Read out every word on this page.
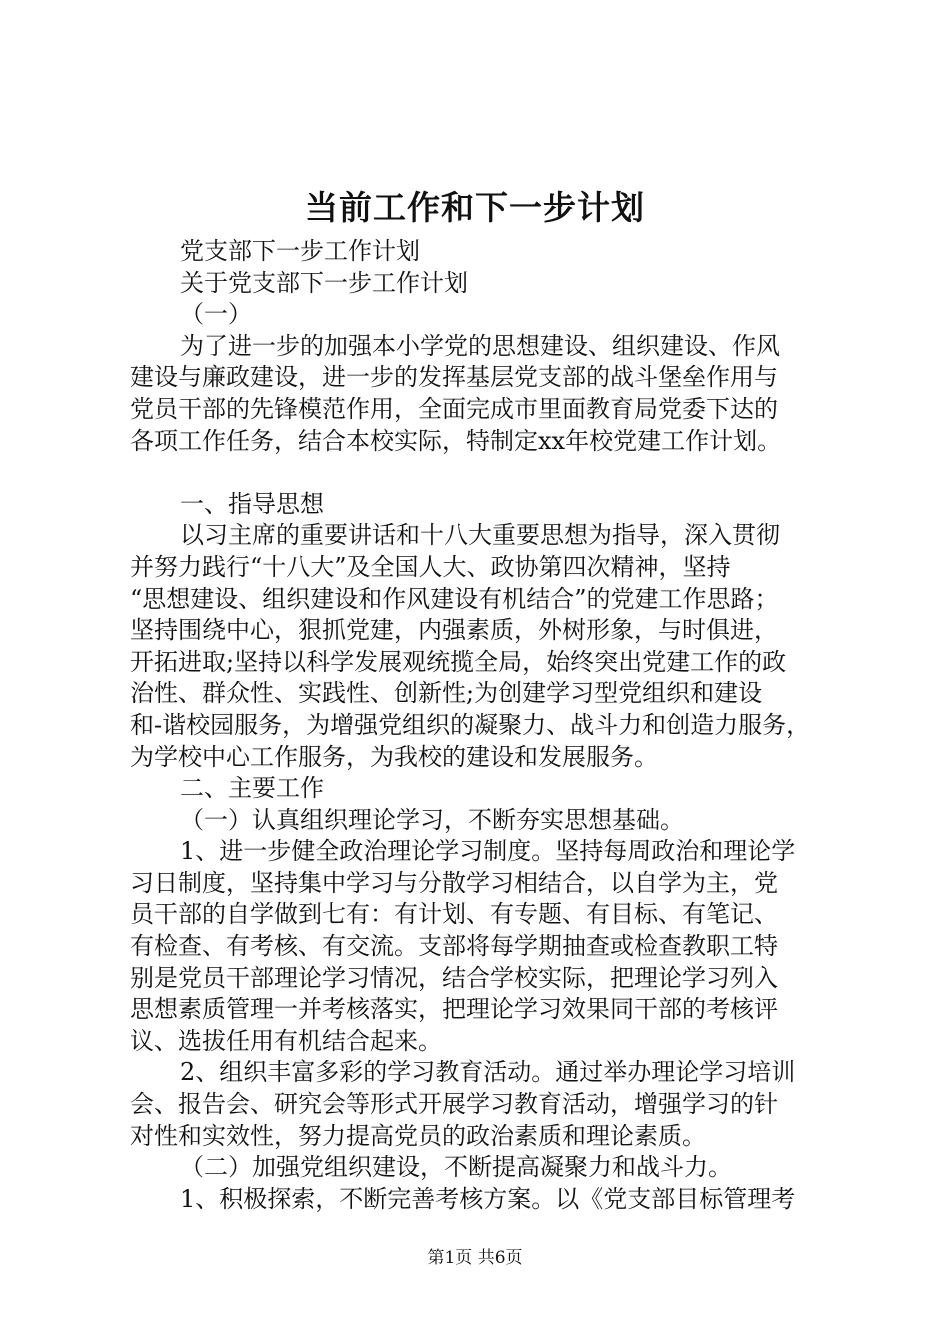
当前工作和下一步计划
党支部下一步工作计划
关于党支部下一步工作计划
（一）
为了进一步的加强本小学党的思想建设、组织建设、作风
建设与廉政建设，进一步的发挥基层党支部的战斗堡垒作用与
党员干部的先锋模范作用，全面完成市里面教育局党委下达的
各项工作任务，结合本校实际，特制定xx年校党建工作计划。
一、指导思想
以习主席的重要讲话和十八大重要思想为指导，深入贯彻
并努力践行“十八大”及全国人大、政协第四次精神，坚持
“思想建设、组织建设和作风建设有机结合”的党建工作思路；
坚持围绕中心，狠抓党建，内强素质，外树形象，与时俱进，
开拓进取;坚持以科学发展观统揽全局，始终突出党建工作的政
治性、群众性、实践性、创新性;为创建学习型党组织和建设
和-谐校园服务，为增强党组织的凝聚力、战斗力和创造力服务，
为学校中心工作服务，为我校的建设和发展服务。
二、主要工作
（一）认真组织理论学习，不断夯实思想基础。
1、进一步健全政治理论学习制度。坚持每周政治和理论学
习日制度，坚持集中学习与分散学习相结合，以自学为主，党
员干部的自学做到七有：有计划、有专题、有目标、有笔记、
有检查、有考核、有交流。支部将每学期抽查或检查教职工特
别是党员干部理论学习情况，结合学校实际，把理论学习列入
思想素质管理一并考核落实，把理论学习效果同干部的考核评
议、选拔任用有机结合起来。
2、组织丰富多彩的学习教育活动。通过举办理论学习培训
会、报告会、研究会等形式开展学习教育活动，增强学习的针
对性和实效性，努力提高党员的政治素质和理论素质。
（二）加强党组织建设，不断提高凝聚力和战斗力。
1、积极探索，不断完善考核方案。以《党支部目标管理考
第1页 共6页
